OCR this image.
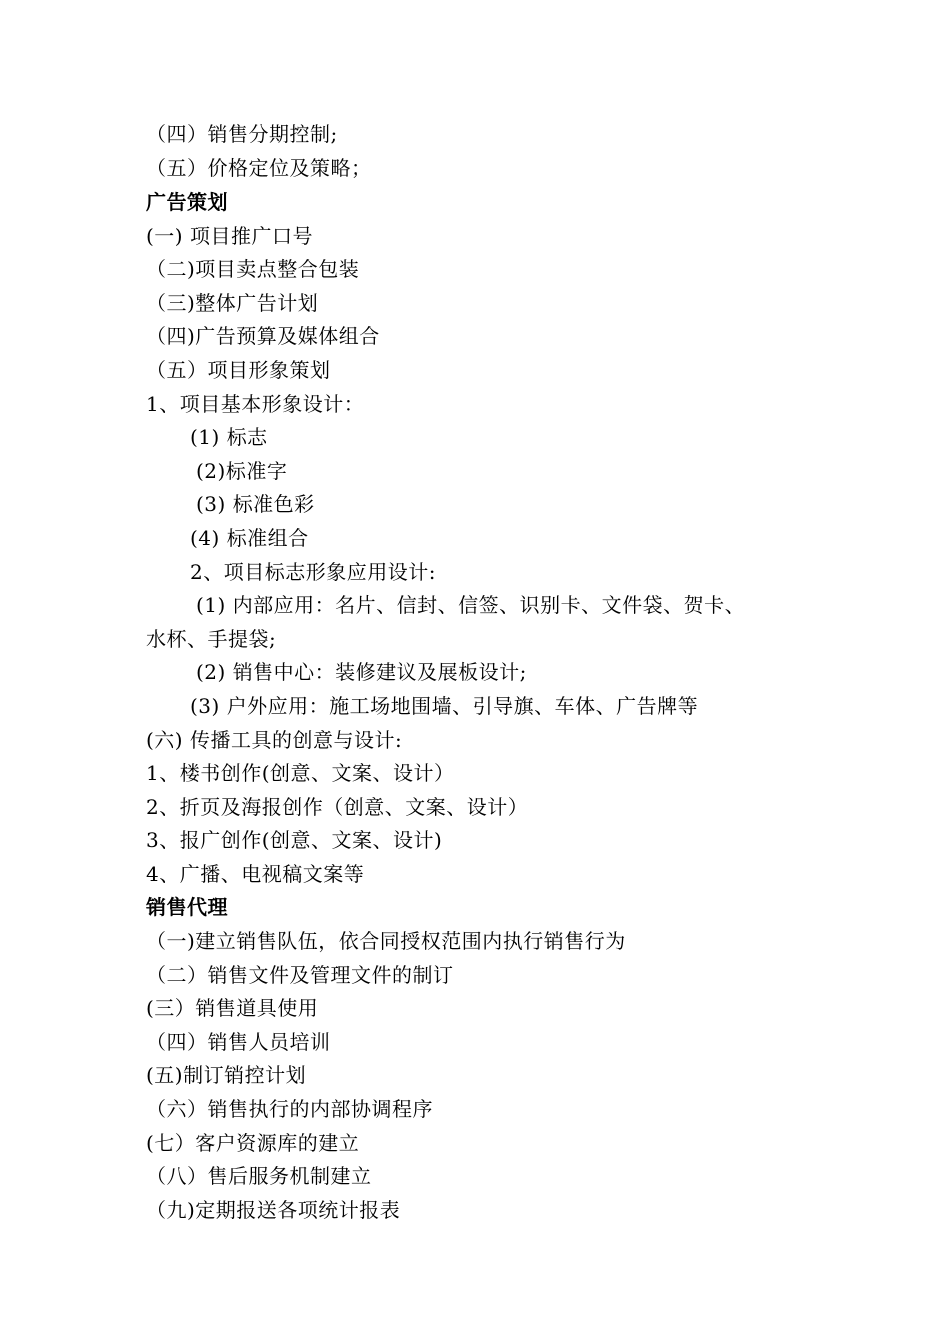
（四）销售分期控制;
（五）价格定位及策略；
广告策划
(一) 项目推广口号
（二)项目卖点整合包装
（三)整体广告计划
（四)广告预算及媒体组合
（五）项目形象策划
1、项目基本形象设计：
(1) 标志
(2)标准字
(3) 标准色彩
(4) 标准组合
2、项目标志形象应用设计:
(1) 内部应用：名片、信封、信签、识别卡、文件袋、贺卡、
水杯、手提袋;
(2) 销售中心：装修建议及展板设计;
(3) 户外应用：施工场地围墙、引导旗、车体、广告牌等
(六) 传播工具的创意与设计:
1、楼书创作(创意、文案、设计）
2、折页及海报创作（创意、文案、设计）
3、报广创作(创意、文案、设计)
4、广播、电视稿文案等
销售代理
（一)建立销售队伍，依合同授权范围内执行销售行为
（二）销售文件及管理文件的制订
(三）销售道具使用
（四）销售人员培训
(五)制订销控计划
（六）销售执行的内部协调程序
(七）客户资源库的建立
（八）售后服务机制建立
（九)定期报送各项统计报表
